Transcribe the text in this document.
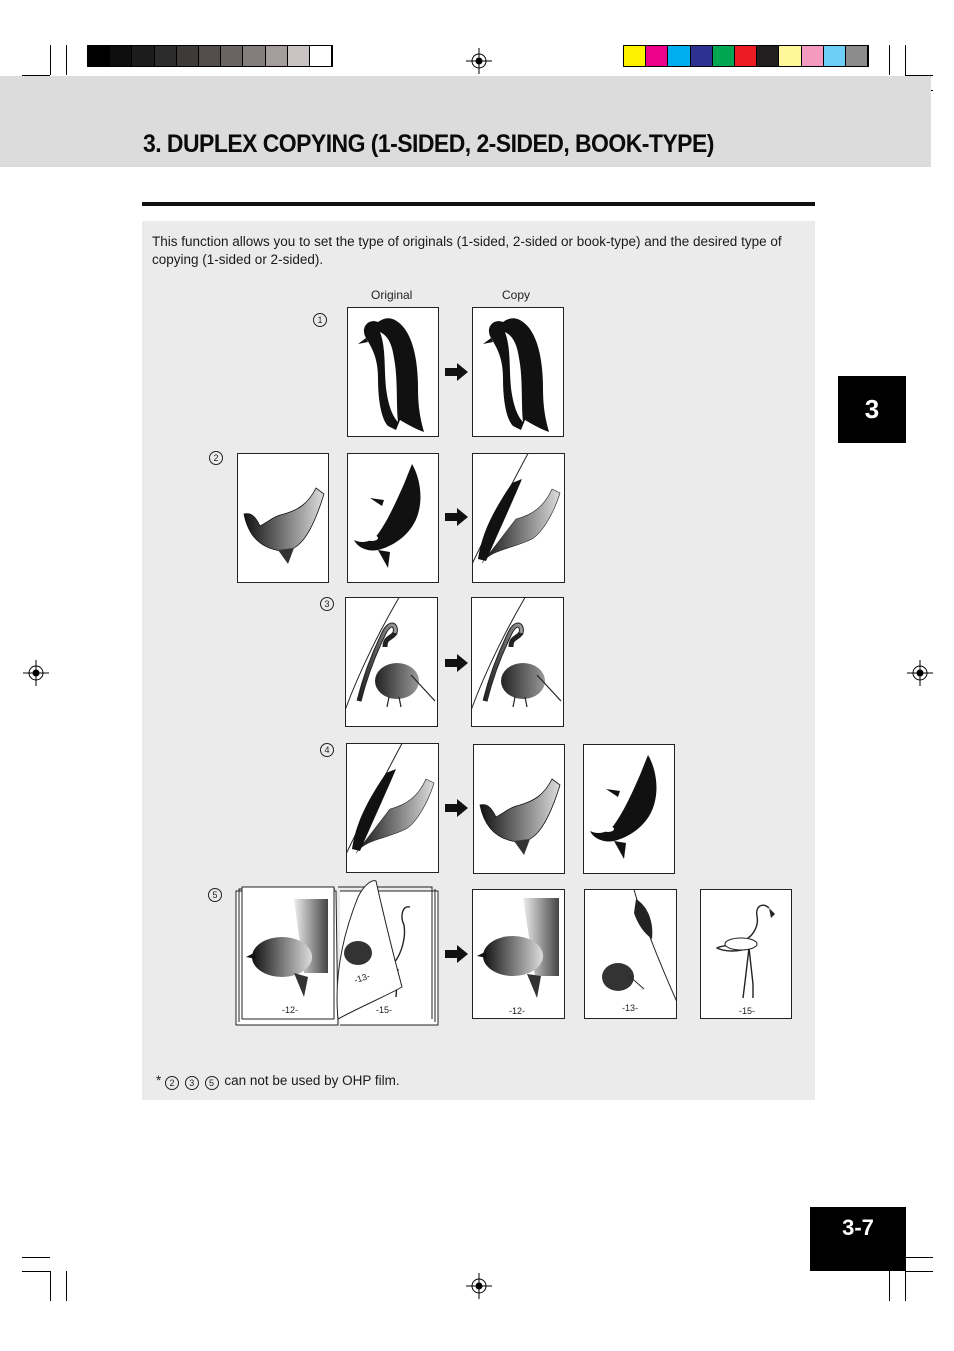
3. DUPLEX COPYING (1-SIDED, 2-SIDED, BOOK-TYPE)
This function allows you to set the type of originals (1-sided, 2-sided or book-type) and the desired type of copying (1-sided or 2-sided).
Original	Copy
1
2
3
4
5
-12-	-15-
-13-
-12-	-13-	-15-
* 2 3 5 can not be used by OHP film.
3
3-7
